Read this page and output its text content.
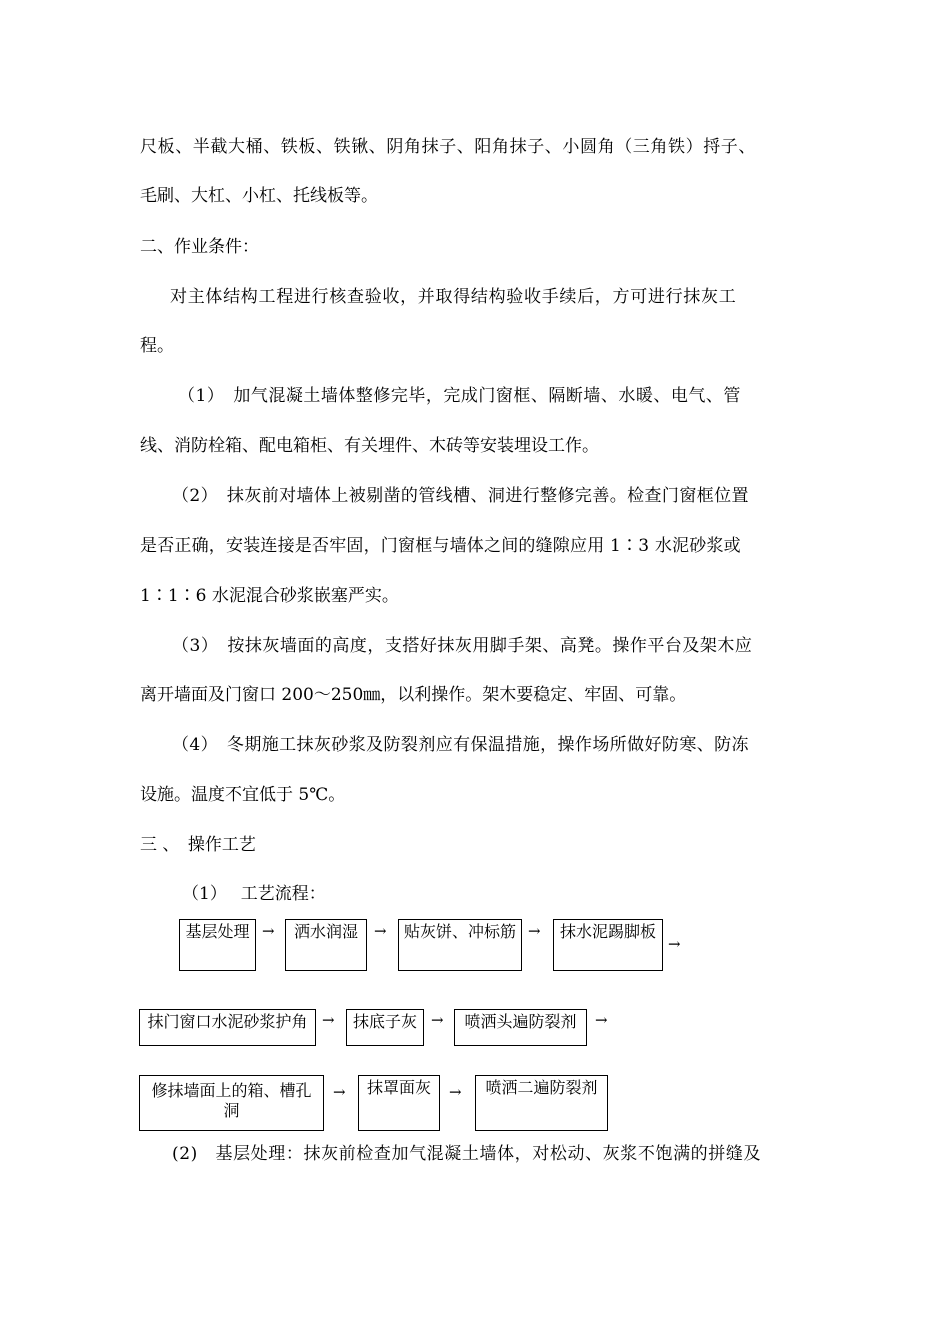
尺板、半截大桶、铁板、铁锹、阴角抹子、阳角抹子、小圆角（三角铁）捋子、
毛刷、大杠、小杠、托线板等。
二、作业条件：
对主体结构工程进行核查验收，并取得结构验收手续后，方可进行抹灰工
程。
（1）　加气混凝土墙体整修完毕，完成门窗框、隔断墙、水暖、电气、管
线、消防栓箱、配电箱柜、有关埋件、木砖等安装埋设工作。
（2）　抹灰前对墙体上被剔凿的管线槽、洞进行整修完善。检查门窗框位置
是否正确，安装连接是否牢固，门窗框与墙体之间的缝隙应用 1∶3 水泥砂浆或
1∶1∶6 水泥混合砂浆嵌塞严实。
（3）　按抹灰墙面的高度，支搭好抹灰用脚手架、高凳。操作平台及架木应
离开墙面及门窗口 200～250㎜，以利操作。架木要稳定、牢固、可靠。
（4）　冬期施工抹灰砂浆及防裂剂应有保温措施，操作场所做好防寒、防冻
设施。温度不宜低于 5℃。
三 、　操作工艺
（1）　 工艺流程：
基层处理 →	洒水润湿	→	贴灰饼、冲标筋 →	抹水泥踢脚板
→
抹门窗口水泥砂浆护角 →	抹底子灰 →	喷洒头遍防裂剂	→
修抹墙面上的箱、槽孔洞
→	抹罩面灰	→	喷洒二遍防裂剂
(2)　基层处理：抹灰前检查加气混凝土墙体，对松动、灰浆不饱满的拼缝及
